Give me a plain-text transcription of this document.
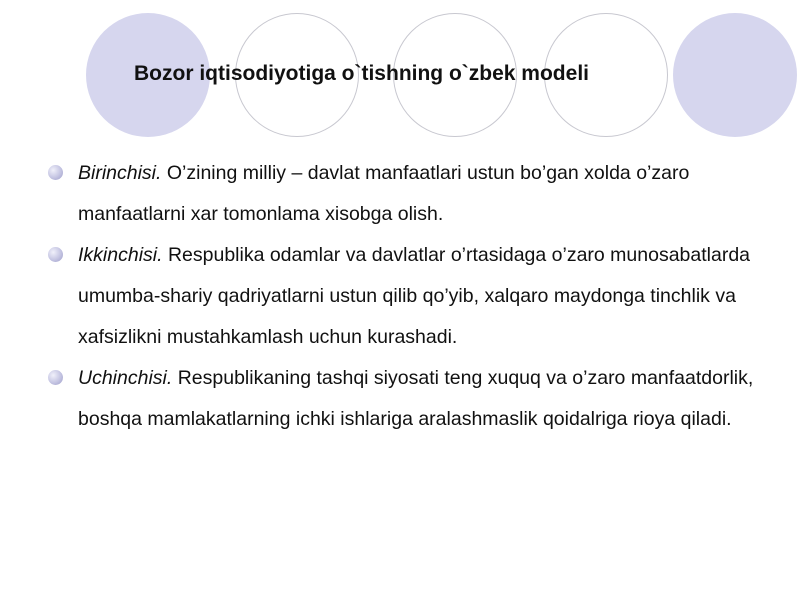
Bozor iqtisodiyotiga o`tishning o`zbek modeli
Birinchisi. O’zining milliy – davlat manfaatlari ustun bo’gan xolda o’zaro manfaatlarni xar tomonlama xisobga olish.
Ikkinchisi. Respublika odamlar va davlatlar o’rtasidaga o’zaro munosabatlarda umumba-shariy qadriyatlarni ustun qilib qo’yib, xalqaro maydonga tinchlik va xafsizlikni mustahkamlash uchun kurashadi.
Uchinchisi. Respublikaning tashqi siyosati teng xuquq va o’zaro manfaatdorlik, boshqa mamlakatlarning ichki ishlariga aralashmaslik qoidalriga rioya qiladi.
